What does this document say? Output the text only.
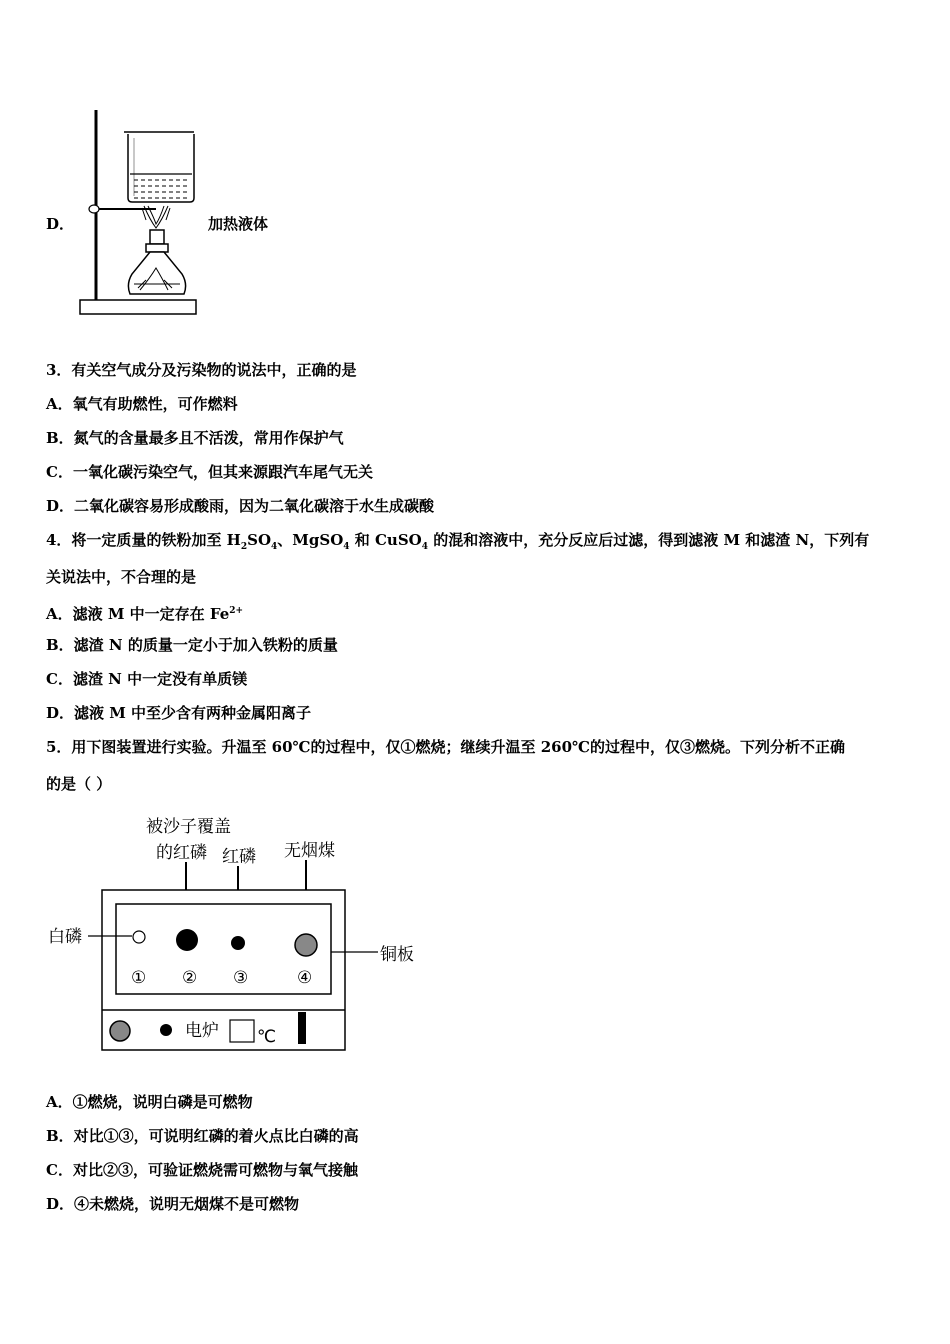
D．	加热液体
3．有关空气成分及污染物的说法中，正确的是
A．氧气有助燃性，可作燃料
B．氮气的含量最多且不活泼，常用作保护气
C．一氧化碳污染空气，但其来源跟汽车尾气无关
D．二氧化碳容易形成酸雨，因为二氧化碳溶于水生成碳酸
4．将一定质量的铁粉加至 $H_2SO_4$、MgSO$_4$ 和 CuSO$_4$ 的混和溶液中，充分反应后过滤，得到滤液 M 和滤渣 N，下列有
关说法中，不合理的是
A．滤液 M 中一定存在 $Fe^{2+}$
B．滤渣 N 的质量一定小于加入铁粉的质量
C．滤渣 N 中一定没有单质镁
D．滤液 M 中至少含有两种金属阳离子
5．用下图装置进行实验。升温至 60℃的过程中，仅①燃烧；继续升温至 260℃的过程中，仅③燃烧。下列分析不正确
的是（ ）
被沙子覆盖
的红磷 红磷 无烟煤
白磷
① ② ③	④
铜板
电炉 ℃
A．①燃烧，说明白磷是可燃物
B．对比①③，可说明红磷的着火点比白磷的高
C．对比②③，可验证燃烧需可燃物与氧气接触
D．④未燃烧，说明无烟煤不是可燃物
